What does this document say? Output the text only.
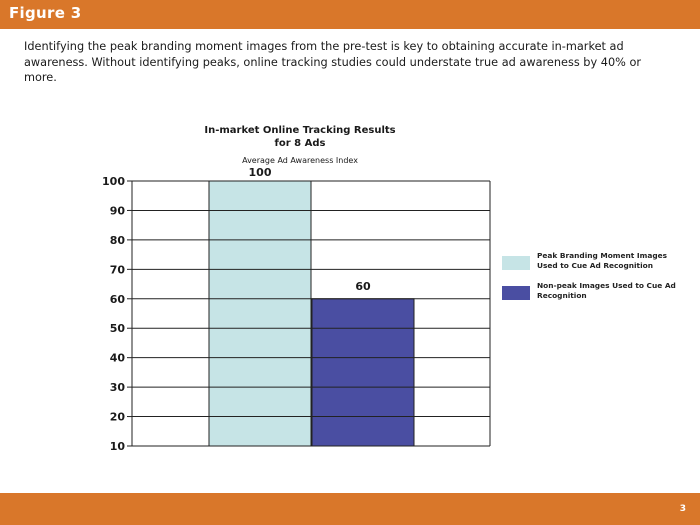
Figure 3

Identifying the peak branding moment images from the pre-test is key to obtaining accurate in-market ad awareness. Without identifying peaks, online tracking studies could understate true ad awareness by 40% or more.

In-market Online Tracking Results for 8 Ads
Average Ad Awareness Index
100
90
80
70
60
50
40
30
20
10
100
60
Peak Branding Moment Images Used to Cue Ad Recognition
Non-peak Images Used to Cue Ad Recognition
3
